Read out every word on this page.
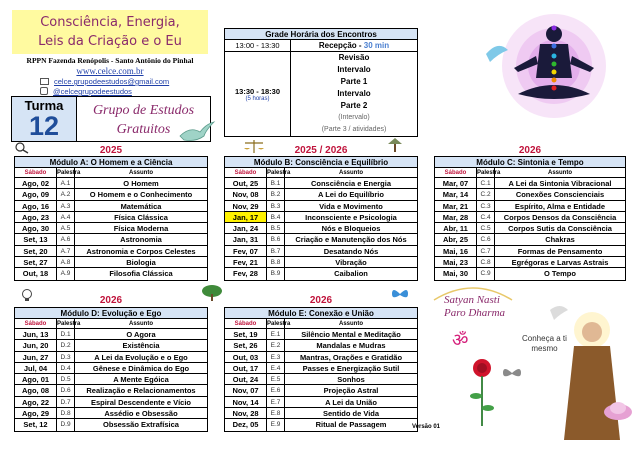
Consciência, Energia,
Leis da Criação e o Eu
RPPN Fazenda Renópolis - Santo Antônio do Pinhal
www.celce.com.br
celce.grupodeestudos@gmail.com
@celcegrupodeestudos
Turma
12
Grupo de Estudos
Gratuitos
Grade Horária dos Encontros
13:00 - 13:30	Recepção - 30 min
13:30 - 18:30
(5 horas)
Revisão
Intervalo
Parte 1
Intervalo
Parte 2
(Intervalo)
(Parte 3 / atividades)
2025	2025 / 2026	2026
2026	2026
Módulo A: O Homem e a Ciência
Sábado	Palestra	Assunto
Ago, 02	A.1	O Homem
Ago, 09	A.2	O Homem e o Conhecimento
Ago, 16	A.3	Matemática
Ago, 23	A.4	Física Clássica
Ago, 30	A.5	Física Moderna
Set, 13	A.6	Astronomia
Set, 20	A.7	Astronomia e Corpos Celestes
Set, 27	A.8	Biologia
Out, 18	A.9	Filosofia Clássica
Módulo B: Consciência e Equilíbrio
Sábado	Palestra	Assunto
Out, 25	B.1	Consciência e Energia
Nov, 08	B.2	A Lei do Equilíbrio
Nov, 29	B.3	Vida e Movimento
Jan, 17	B.4	Inconsciente e Psicologia
Jan, 24	B.5	Nós e Bloqueios
Jan, 31	B.6	Criação e Manutenção dos Nós
Fev, 07	B.7	Desatando Nós
Fev, 21	B.8	Vibração
Fev, 28	B.9	Caibalion
Módulo C: Sintonia e Tempo
Sábado	Palestra	Assunto
Mar, 07	C.1	A Lei da Sintonia Vibracional
Mar, 14	C.2	Conexões Conscienciais
Mar, 21	C.3	Espírito, Alma e Entidade
Mar, 28	C.4	Corpos Densos da Consciência
Abr, 11	C.5	Corpos Sutis da Consciência
Abr, 25	C.6	Chakras
Mai, 16	C.7	Formas de Pensamento
Mai, 23	C.8	Egrégoras e Larvas Astrais
Mai, 30	C.9	O Tempo
Módulo D: Evolução e Ego
Sábado	Palestra	Assunto
Jun, 13	D.1	O Agora
Jun, 20	D.2	Existência
Jun, 27	D.3	A Lei da Evolução e o Ego
Jul, 04	D.4	Gênese e Dinâmica do Ego
Ago, 01	D.5	A Mente Egóica
Ago, 08	D.6	Realização e Relacionamentos
Ago, 22	D.7	Espiral Descendente e Vício
Ago, 29	D.8	Assédio e Obsessão
Set, 12	D.9	Obsessão Extrafísica
Módulo E: Conexão e União
Sábado	Palestra	Assunto
Set, 19	E.1	Silêncio Mental e Meditação
Set, 26	E.2	Mandalas e Mudras
Out, 03	E.3	Mantras, Orações e Gratidão
Out, 17	E.4	Passes e Energização Sutil
Out, 24	E.5	Sonhos
Nov, 07	E.6	Projeção Astral
Nov, 14	E.7	A Lei da União
Nov, 28	E.8	Sentido de Vida
Dez, 05	E.9	Ritual de Passagem
Satyan Nasti
Paro Dharma
ॐ	Conheça a ti
mesmo
Versão 01
